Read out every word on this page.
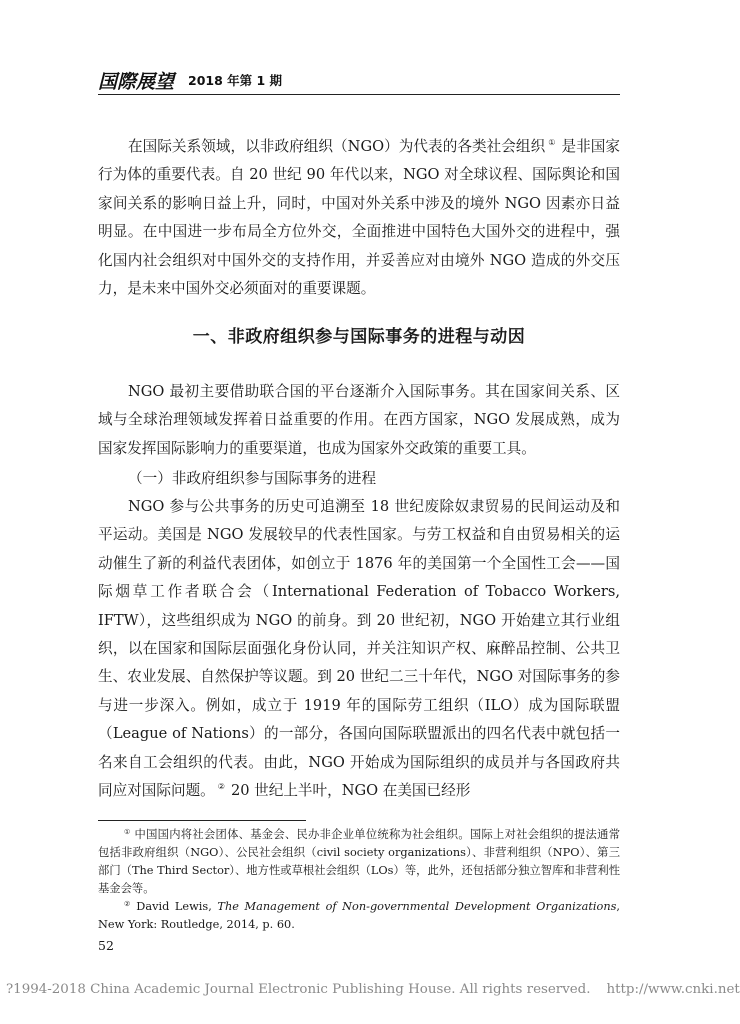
国際展望 2018 年第 1 期

在国际关系领域，以非政府组织（NGO）为代表的各类社会组织 ① 是非国家行为体的重要代表。自 20 世纪 90 年代以来，NGO 对全球议程、国际舆论和国家间关系的影响日益上升，同时，中国对外关系中涉及的境外 NGO 因素亦日益明显。在中国进一步布局全方位外交，全面推进中国特色大国外交的进程中，强化国内社会组织对中国外交的支持作用，并妥善应对由境外 NGO 造成的外交压力，是未来中国外交必须面对的重要课题。

一、非政府组织参与国际事务的进程与动因

NGO 最初主要借助联合国的平台逐渐介入国际事务。其在国家间关系、区域与全球治理领域发挥着日益重要的作用。在西方国家，NGO 发展成熟，成为国家发挥国际影响力的重要渠道，也成为国家外交政策的重要工具。

（一）非政府组织参与国际事务的进程

NGO 参与公共事务的历史可追溯至 18 世纪废除奴隶贸易的民间运动及和平运动。美国是 NGO 发展较早的代表性国家。与劳工权益和自由贸易相关的运动催生了新的利益代表团体，如创立于 1876 年的美国第一个全国性工会——国际烟草工作者联合会（International Federation of Tobacco Workers, IFTW），这些组织成为 NGO 的前身。到 20 世纪初，NGO 开始建立其行业组织，以在国家和国际层面强化身份认同，并关注知识产权、麻醉品控制、公共卫生、农业发展、自然保护等议题。到 20 世纪二三十年代，NGO 对国际事务的参与进一步深入。例如，成立于 1919 年的国际劳工组织（ILO）成为国际联盟（League of Nations）的一部分，各国向国际联盟派出的四名代表中就包括一名来自工会组织的代表。由此，NGO 开始成为国际组织的成员并与各国政府共同应对国际问题。 ② 20 世纪上半叶，NGO 在美国已经形

① 中国国内将社会团体、基金会、民办非企业单位统称为社会组织。国际上对社会组织的提法通常包括非政府组织（NGO）、公民社会组织（civil society organizations）、非营利组织（NPO）、第三部门（The Third Sector）、地方性或草根社会组织（LOs）等，此外，还包括部分独立智库和非营利性基金会等。

② David Lewis, The Management of Non-governmental Development Organizations, New York: Routledge, 2014, p. 60.

52
?1994-2018 China Academic Journal Electronic Publishing House. All rights reserved. http://www.cnki.net
